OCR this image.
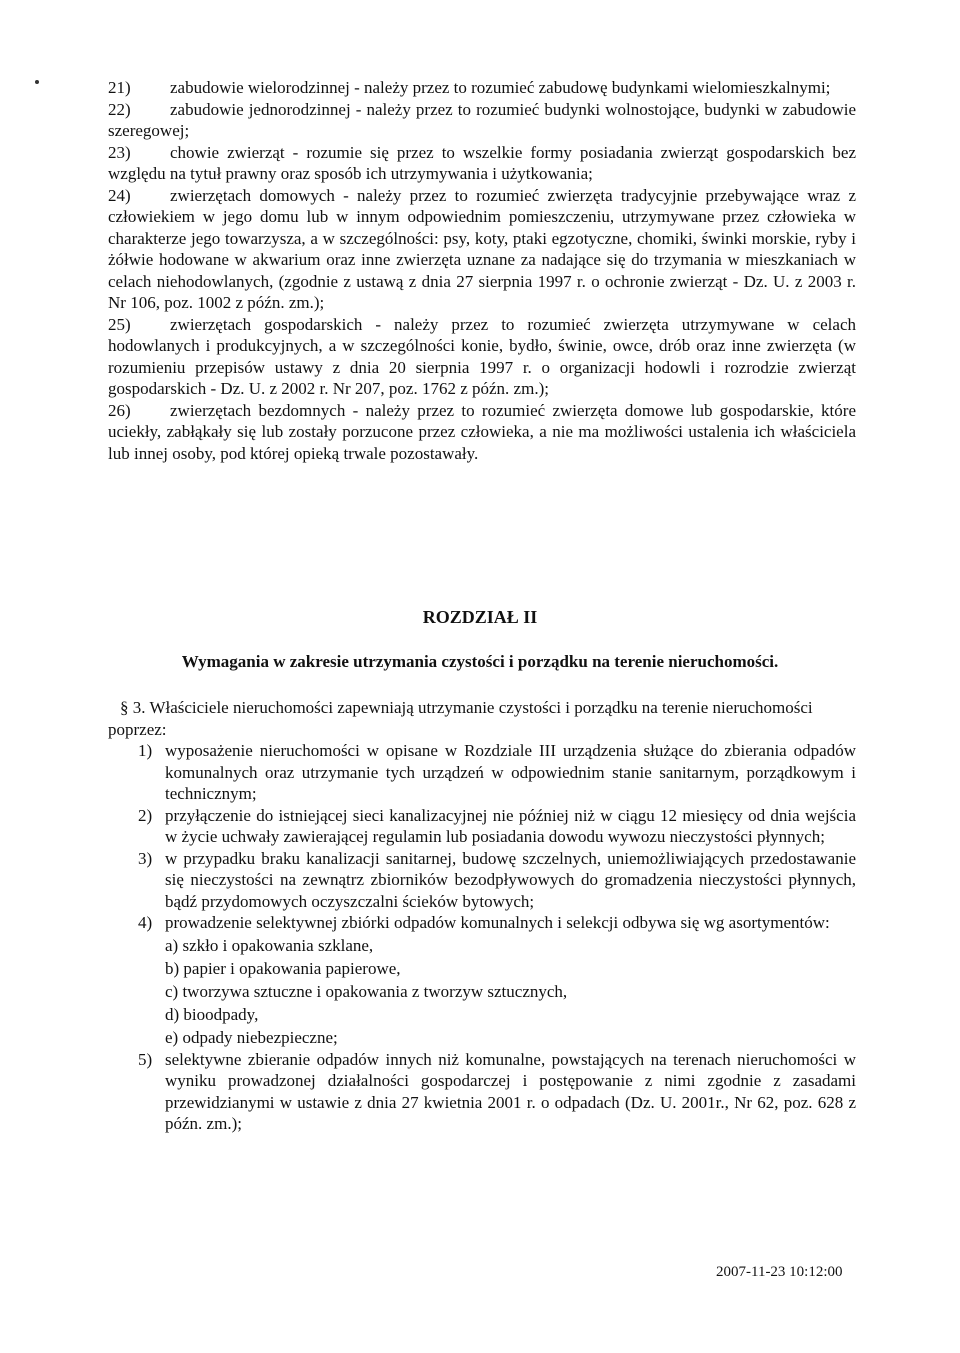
21) zabudowie wielorodzinnej - należy przez to rozumieć zabudowę budynkami wielomieszkalnymi;
22) zabudowie jednorodzinnej - należy przez to rozumieć budynki wolnostojące, budynki w zabudowie szeregowej;
23) chowie zwierząt - rozumie się przez to wszelkie formy posiadania zwierząt gospodarskich bez względu na tytuł prawny oraz sposób ich utrzymywania i użytkowania;
24) zwierzętach domowych - należy przez to rozumieć zwierzęta tradycyjnie przebywające wraz z człowiekiem w jego domu lub w innym odpowiednim pomieszczeniu, utrzymywane przez człowieka w charakterze jego towarzysza, a w szczególności: psy, koty, ptaki egzotyczne, chomiki, świnki morskie, ryby i żółwie hodowane w akwarium oraz inne zwierzęta uznane za nadające się do trzymania w mieszkaniach w celach niehodowlanych, (zgodnie z ustawą z dnia 27 sierpnia 1997 r. o ochronie zwierząt - Dz. U. z 2003 r. Nr 106, poz. 1002 z późn. zm.);
25) zwierzętach gospodarskich - należy przez to rozumieć zwierzęta utrzymywane w celach hodowlanych i produkcyjnych, a w szczególności konie, bydło, świnie, owce, drób oraz inne zwierzęta (w rozumieniu przepisów ustawy z dnia 20 sierpnia 1997 r. o organizacji hodowli i rozrodzie zwierząt gospodarskich - Dz. U. z 2002 r. Nr 207, poz. 1762 z późn. zm.);
26) zwierzętach bezdomnych - należy przez to rozumieć zwierzęta domowe lub gospodarskie, które uciekły, zabłąkały się lub zostały porzucone przez człowieka, a nie ma możliwości ustalenia ich właściciela lub innej osoby, pod której opieką trwale pozostawały.
ROZDZIAŁ II
Wymagania w zakresie utrzymania czystości i porządku na terenie nieruchomości.
§ 3. Właściciele nieruchomości zapewniają utrzymanie czystości i porządku na terenie nieruchomości poprzez:
1) wyposażenie nieruchomości w opisane w Rozdziale III urządzenia służące do zbierania odpadów komunalnych oraz utrzymanie tych urządzeń w odpowiednim stanie sanitarnym, porządkowym i technicznym;
2) przyłączenie do istniejącej sieci kanalizacyjnej nie później niż w ciągu 12 miesięcy od dnia wejścia w życie uchwały zawierającej regulamin lub posiadania dowodu wywozu nieczystości płynnych;
3) w przypadku braku kanalizacji sanitarnej, budowę szczelnych, uniemożliwiających przedostawanie się nieczystości na zewnątrz zbiorników bezodpływowych do gromadzenia nieczystości płynnych, bądź przydomowych oczyszczalni ścieków bytowych;
4) prowadzenie selektywnej zbiórki odpadów komunalnych i selekcji odbywa się wg asortymentów:
a) szkło i opakowania szklane,
b) papier i opakowania papierowe,
c) tworzywa sztuczne i opakowania z tworzyw sztucznych,
d) bioodpady,
e) odpady niebezpieczne;
5) selektywne zbieranie odpadów innych niż komunalne, powstających na terenach nieruchomości w wyniku prowadzonej działalności gospodarczej i postępowanie z nimi zgodnie z zasadami przewidzianymi w ustawie z dnia 27 kwietnia 2001 r. o odpadach (Dz. U. 2001r., Nr 62, poz. 628 z późn. zm.);
2007-11-23 10:12:00
